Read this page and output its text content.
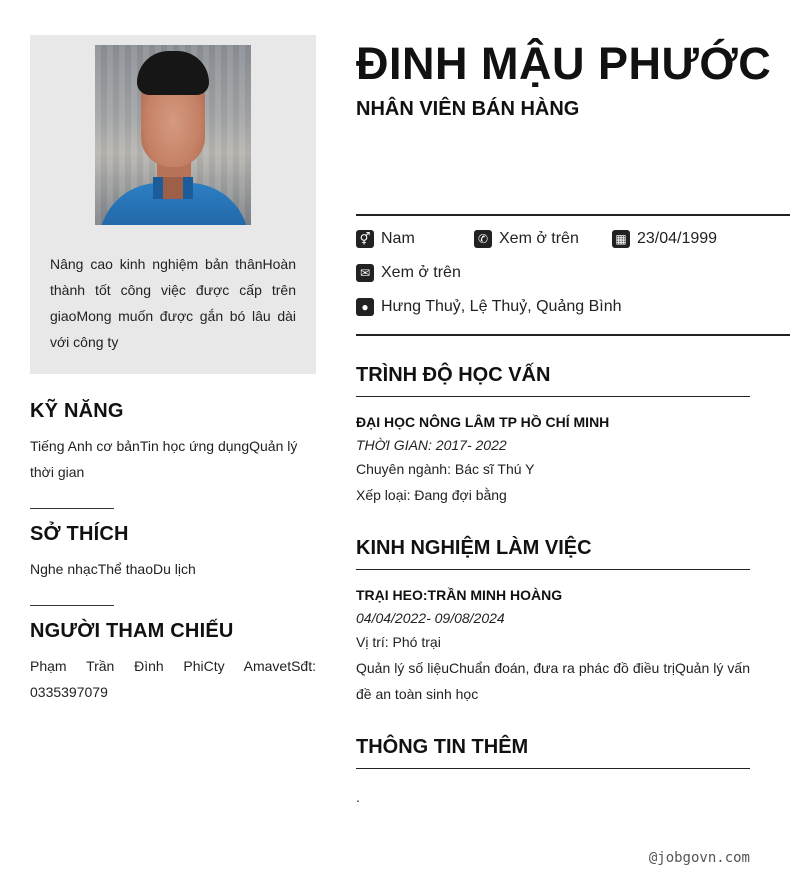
Nâng cao kinh nghiệm bản thânHoàn thành tốt công việc được cấp trên giaoMong muốn được gắn bó lâu dài với công ty
KỸ NĂNG
Tiếng Anh cơ bảnTin học ứng dụngQuản lý thời gian
SỞ THÍCH
Nghe nhạcThể thaoDu lịch
NGƯỜI THAM CHIẾU
Phạm Trần Đình PhiCty AmavetSđt: 0335397079
ĐINH MẬU PHƯỚC
NHÂN VIÊN BÁN HÀNG
⚥ Nam	✆ Xem ở trên	▦ 23/04/1999
✉ Xem ở trên
● Hưng Thuỷ, Lệ Thuỷ, Quảng Bình
TRÌNH ĐỘ HỌC VẤN
ĐẠI HỌC NÔNG LÂM TP HỒ CHÍ MINH
THỜI GIAN: 2017- 2022
Chuyên ngành: Bác sĩ Thú Y
Xếp loại: Đang đợi bằng
KINH NGHIỆM LÀM VIỆC
TRẠI HEO:TRẦN MINH HOÀNG
04/04/2022- 09/08/2024
Vị trí: Phó trại
Quản lý số liệuChuẩn đoán, đưa ra phác đồ điều trịQuản lý vấn đề an toàn sinh học
THÔNG TIN THÊM
.
@jobgovn.com
